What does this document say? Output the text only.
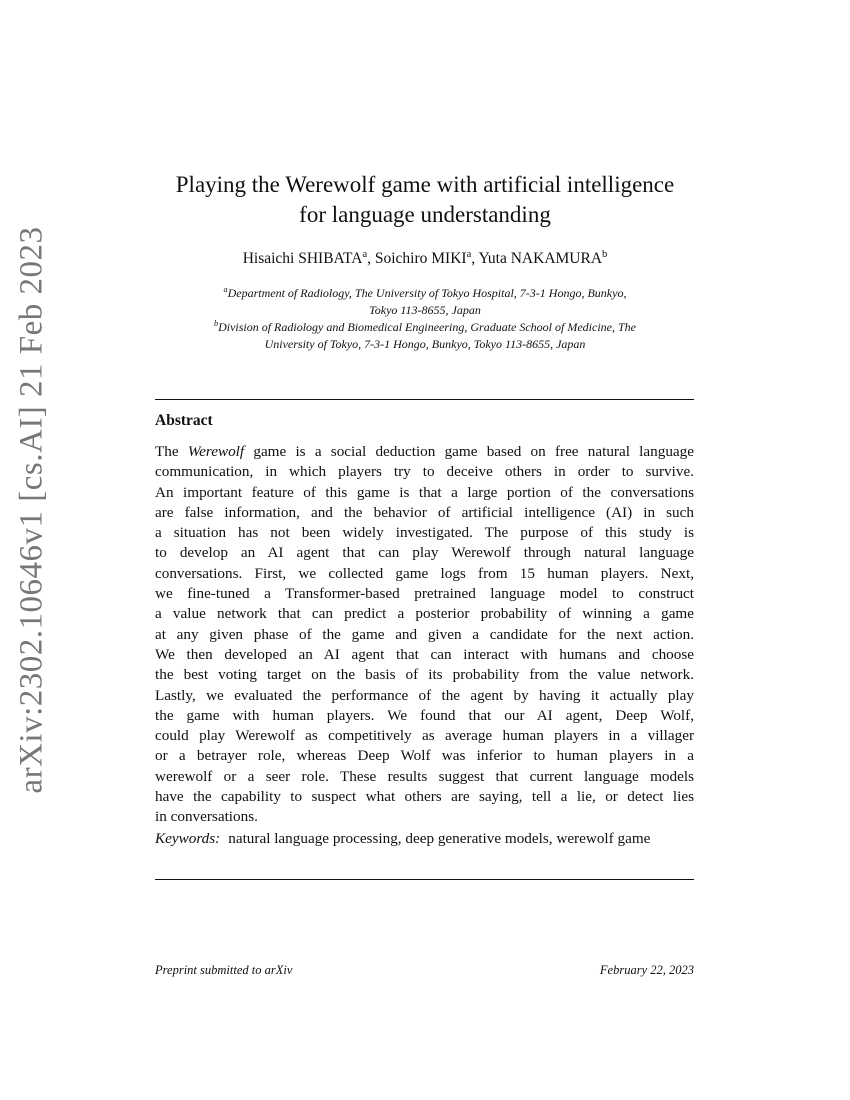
arXiv:2302.10646v1 [cs.AI] 21 Feb 2023
Playing the Werewolf game with artificial intelligence
for language understanding
Hisaichi SHIBATA$^a$, Soichiro MIKI$^a$, Yuta NAKAMURA$^b$
$^a$Department of Radiology, The University of Tokyo Hospital, 7-3-1 Hongo, Bunkyo,
Tokyo 113-8655, Japan
$^b$Division of Radiology and Biomedical Engineering, Graduate School of Medicine, The
University of Tokyo, 7-3-1 Hongo, Bunkyo, Tokyo 113-8655, Japan
Abstract
The Werewolf game is a social deduction game based on free natural language
communication, in which players try to deceive others in order to survive.
An important feature of this game is that a large portion of the conversations
are false information, and the behavior of artificial intelligence (AI) in such
a situation has not been widely investigated. The purpose of this study is
to develop an AI agent that can play Werewolf through natural language
conversations. First, we collected game logs from 15 human players. Next,
we fine-tuned a Transformer-based pretrained language model to construct
a value network that can predict a posterior probability of winning a game
at any given phase of the game and given a candidate for the next action.
We then developed an AI agent that can interact with humans and choose
the best voting target on the basis of its probability from the value network.
Lastly, we evaluated the performance of the agent by having it actually play
the game with human players. We found that our AI agent, Deep Wolf,
could play Werewolf as competitively as average human players in a villager
or a betrayer role, whereas Deep Wolf was inferior to human players in a
werewolf or a seer role. These results suggest that current language models
have the capability to suspect what others are saying, tell a lie, or detect lies
in conversations.
Keywords: natural language processing, deep generative models, werewolf game
Preprint submitted to arXiv	February 22, 2023
